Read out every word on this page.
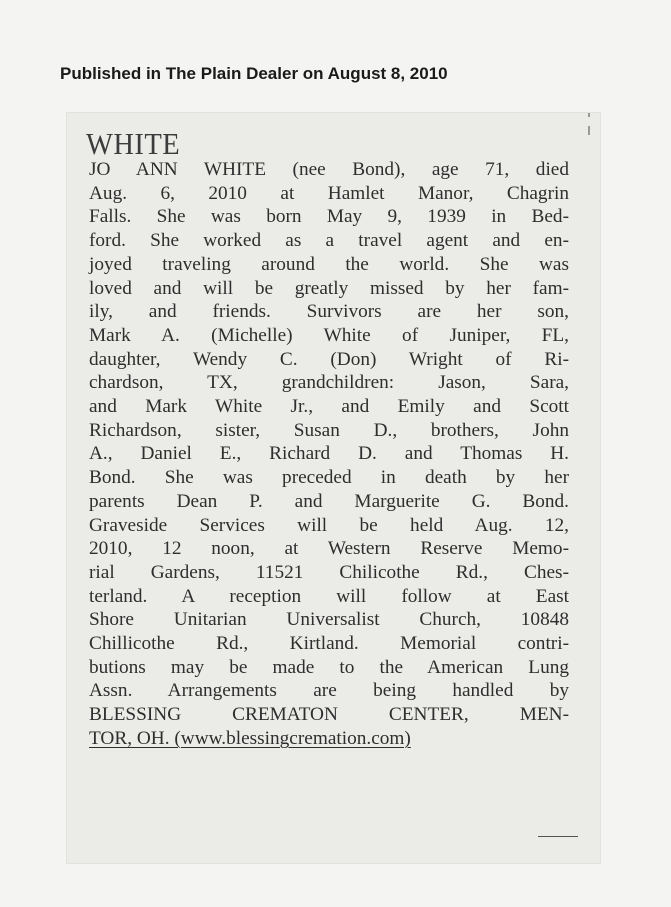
Published in The Plain Dealer on August 8, 2010
WHITE
JO ANN WHITE (nee Bond), age 71, died
Aug. 6, 2010 at Hamlet Manor, Chagrin
Falls. She was born May 9, 1939 in Bed-
ford. She worked as a travel agent and en-
joyed traveling around the world. She was
loved and will be greatly missed by her fam-
ily, and friends. Survivors are her son,
Mark A. (Michelle) White of Juniper, FL,
daughter, Wendy C. (Don) Wright of Ri-
chardson, TX, grandchildren: Jason, Sara,
and Mark White Jr., and Emily and Scott
Richardson, sister, Susan D., brothers, John
A., Daniel E., Richard D. and Thomas H.
Bond. She was preceded in death by her
parents Dean P. and Marguerite G. Bond.
Graveside Services will be held Aug. 12,
2010, 12 noon, at Western Reserve Memo-
rial Gardens, 11521 Chilicothe Rd., Ches-
terland. A reception will follow at East
Shore Unitarian Universalist Church, 10848
Chillicothe Rd., Kirtland. Memorial contri-
butions may be made to the American Lung
Assn. Arrangements are being handled by
BLESSING CREMATON CENTER, MEN-
TOR, OH. (www.blessingcremation.com)
